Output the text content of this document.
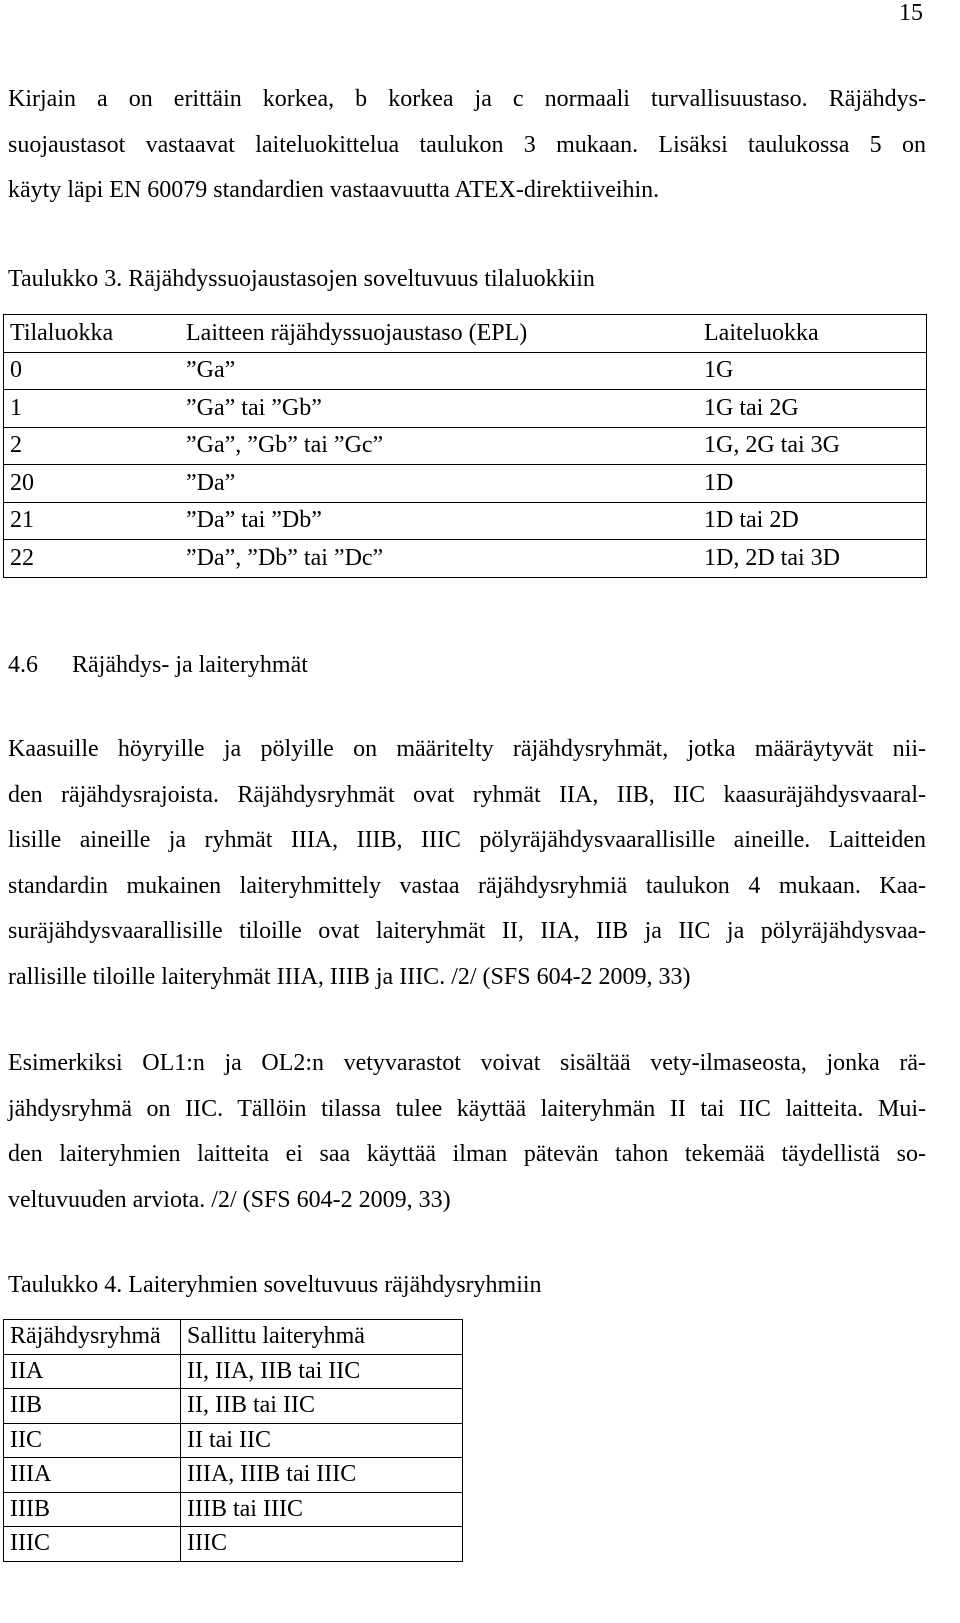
15
Kirjain a on erittäin korkea, b korkea ja c normaali turvallisuustaso. Räjähdys-
suojaustasot vastaavat laiteluokittelua taulukon 3 mukaan. Lisäksi taulukossa 5 on
käyty läpi EN 60079 standardien vastaavuutta ATEX-direktiiveihin.
Taulukko 3. Räjähdyssuojaustasojen soveltuvuus tilaluokkiin
Tilaluokka	Laitteen räjähdyssuojaustaso (EPL)	Laiteluokka
0	”Ga”	1G
1	”Ga” tai ”Gb”	1G tai 2G
2	”Ga”, ”Gb” tai ”Gc”	1G, 2G tai 3G
20	”Da”	1D
21	”Da” tai ”Db”	1D tai 2D
22	”Da”, ”Db” tai ”Dc”	1D, 2D tai 3D
4.6 Räjähdys- ja laiteryhmät
Kaasuille höyryille ja pölyille on määritelty räjähdysryhmät, jotka määräytyvät nii-
den räjähdysrajoista. Räjähdysryhmät ovat ryhmät IIA, IIB, IIC kaasuräjähdysvaaral-
lisille aineille ja ryhmät IIIA, IIIB, IIIC pölyräjähdysvaarallisille aineille. Laitteiden
standardin mukainen laiteryhmittely vastaa räjähdysryhmiä taulukon 4 mukaan. Kaa-
suräjähdysvaarallisille tiloille ovat laiteryhmät II, IIA, IIB ja IIC ja pölyräjähdysvaa-
rallisille tiloille laiteryhmät IIIA, IIIB ja IIIC. /2/ (SFS 604-2 2009, 33)
Esimerkiksi OL1:n ja OL2:n vetyvarastot voivat sisältää vety-ilmaseosta, jonka rä-
jähdysryhmä on IIC. Tällöin tilassa tulee käyttää laiteryhmän II tai IIC laitteita. Mui-
den laiteryhmien laitteita ei saa käyttää ilman pätevän tahon tekemää täydellistä so-
veltuvuuden arviota. /2/ (SFS 604-2 2009, 33)
Taulukko 4. Laiteryhmien soveltuvuus räjähdysryhmiin
Räjähdysryhmä	Sallittu laiteryhmä
IIA	II, IIA, IIB tai IIC
IIB	II, IIB tai IIC
IIC	II tai IIC
IIIA	IIIA, IIIB tai IIIC
IIIB	IIIB tai IIIC
IIIC	IIIC
